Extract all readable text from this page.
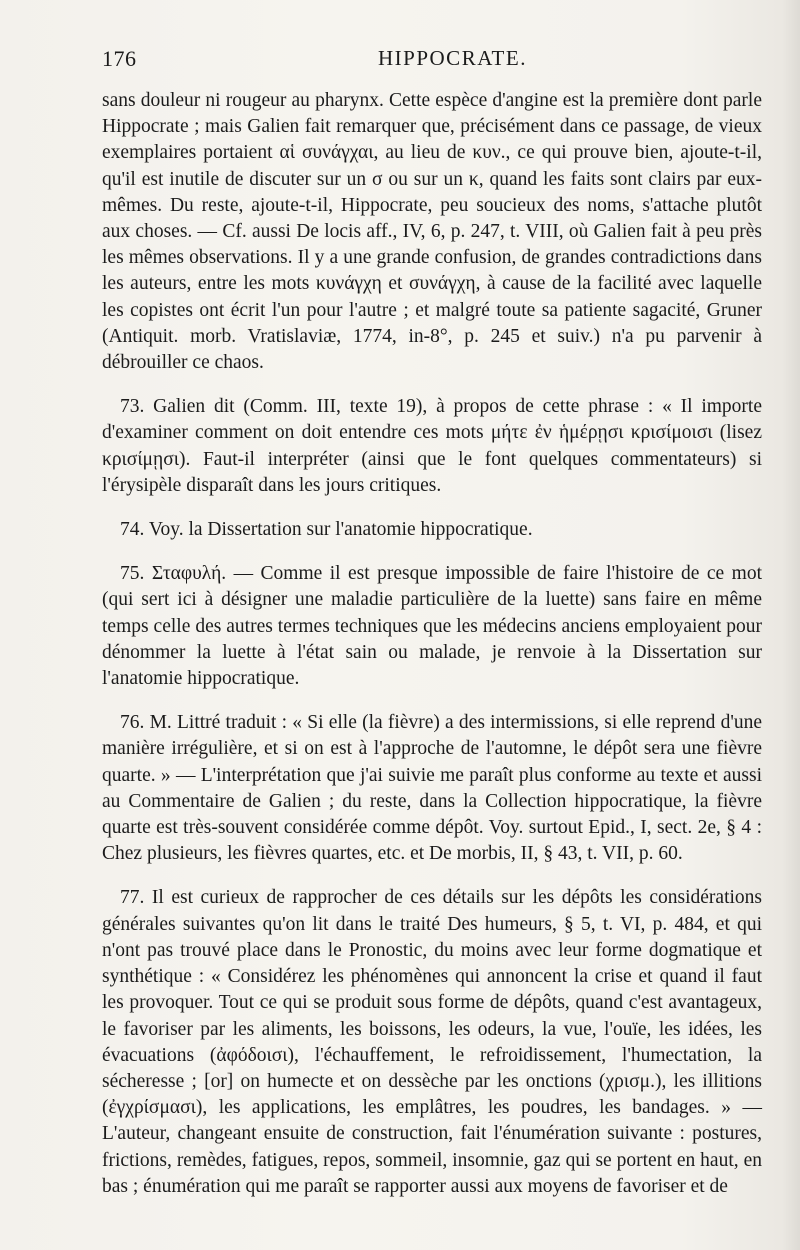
176	HIPPOCRATE.

sans douleur ni rougeur au pharynx. Cette espèce d'angine est la première dont parle Hippocrate ; mais Galien fait remarquer que, précisément dans ce passage, de vieux exemplaires portaient αἱ συνάγχαι, au lieu de κυν., ce qui prouve bien, ajoute-t-il, qu'il est inutile de discuter sur un σ ou sur un κ, quand les faits sont clairs par eux-mêmes. Du reste, ajoute-t-il, Hippocrate, peu soucieux des noms, s'attache plutôt aux choses. — Cf. aussi De locis aff., IV, 6, p. 247, t. VIII, où Galien fait à peu près les mêmes observations. Il y a une grande confusion, de grandes contradictions dans les auteurs, entre les mots κυνάγχη et συνάγχη, à cause de la facilité avec laquelle les copistes ont écrit l'un pour l'autre ; et malgré toute sa patiente sagacité, Gruner (Antiquit. morb. Vratislaviæ, 1774, in-8°, p. 245 et suiv.) n'a pu parvenir à débrouiller ce chaos.

73. Galien dit (Comm. III, texte 19), à propos de cette phrase : « Il importe d'examiner comment on doit entendre ces mots μήτε ἐν ἡμέρῃσι κρισίμοισι (lisez κρισίμῃσι). Faut-il interpréter (ainsi que le font quelques commentateurs) si l'érysipèle disparaît dans les jours critiques.

74. Voy. la Dissertation sur l'anatomie hippocratique.

75. Σταφυλή. — Comme il est presque impossible de faire l'histoire de ce mot (qui sert ici à désigner une maladie particulière de la luette) sans faire en même temps celle des autres termes techniques que les médecins anciens employaient pour dénommer la luette à l'état sain ou malade, je renvoie à la Dissertation sur l'anatomie hippocratique.

76. M. Littré traduit : « Si elle (la fièvre) a des intermissions, si elle reprend d'une manière irrégulière, et si on est à l'approche de l'automne, le dépôt sera une fièvre quarte. » — L'interprétation que j'ai suivie me paraît plus conforme au texte et aussi au Commentaire de Galien ; du reste, dans la Collection hippocratique, la fièvre quarte est très-souvent considérée comme dépôt. Voy. surtout Epid., I, sect. 2e, § 4 : Chez plusieurs, les fièvres quartes, etc. et De morbis, II, § 43, t. VII, p. 60.

77. Il est curieux de rapprocher de ces détails sur les dépôts les considérations générales suivantes qu'on lit dans le traité Des humeurs, § 5, t. VI, p. 484, et qui n'ont pas trouvé place dans le Pronostic, du moins avec leur forme dogmatique et synthétique : « Considérez les phénomènes qui annoncent la crise et quand il faut les provoquer. Tout ce qui se produit sous forme de dépôts, quand c'est avantageux, le favoriser par les aliments, les boissons, les odeurs, la vue, l'ouïe, les idées, les évacuations (ἀφόδοισι), l'échauffement, le refroidissement, l'humectation, la sécheresse ; [or] on humecte et on dessèche par les onctions (χρισμ.), les illitions (ἐγχρίσμασι), les applications, les emplâtres, les poudres, les bandages. » — L'auteur, changeant ensuite de construction, fait l'énumération suivante : postures, frictions, remèdes, fatigues, repos, sommeil, insomnie, gaz qui se portent en haut, en bas ; énumération qui me paraît se rapporter aussi aux moyens de favoriser et de
